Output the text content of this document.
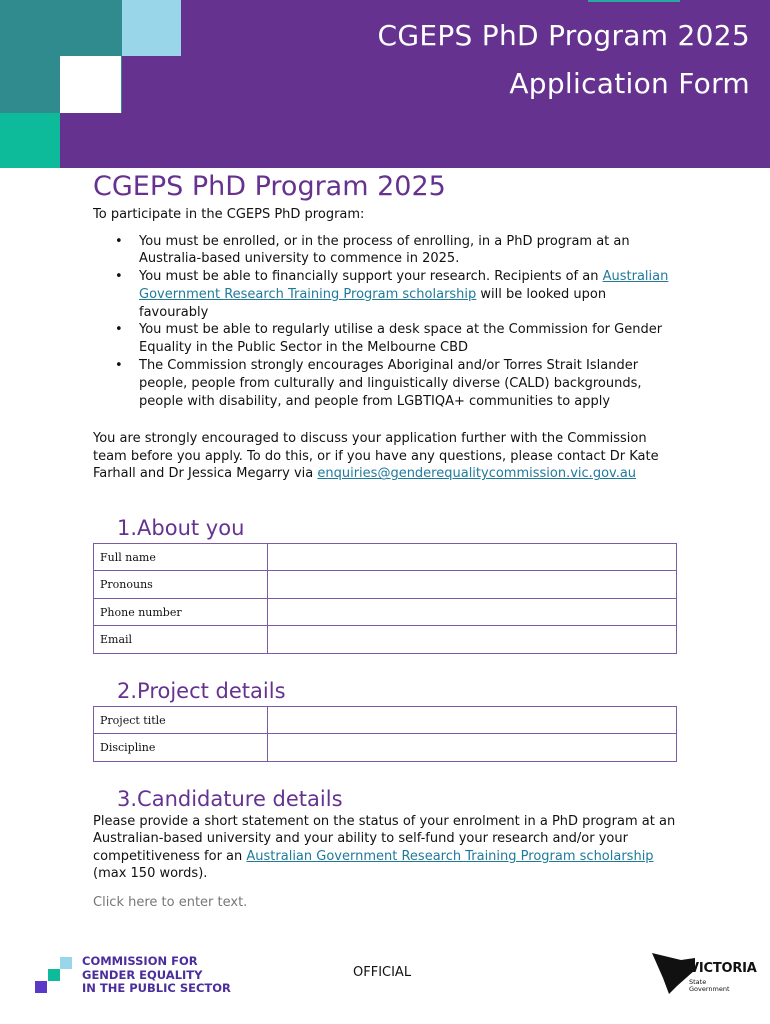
CGEPS PhD Program 2025
Application Form
CGEPS PhD Program 2025

To participate in the CGEPS PhD program:

• You must be enrolled, or in the process of enrolling, in a PhD program at an Australia-based university to commence in 2025.
• You must be able to financially support your research. Recipients of an Australian Government Research Training Program scholarship will be looked upon favourably
• You must be able to regularly utilise a desk space at the Commission for Gender Equality in the Public Sector in the Melbourne CBD
• The Commission strongly encourages Aboriginal and/or Torres Strait Islander people, people from culturally and linguistically diverse (CALD) backgrounds, people with disability, and people from LGBTIQA+ communities to apply

You are strongly encouraged to discuss your application further with the Commission team before you apply. To do this, or if you have any questions, please contact Dr Kate Farhall and Dr Jessica Megarry via enquiries@genderequalitycommission.vic.gov.au

1.About you
Full name	
Pronouns	
Phone number	
Email	
2.Project details
Project title	
Discipline	
3.Candidature details

Please provide a short statement on the status of your enrolment in a PhD program at an Australian-based university and your ability to self-fund your research and/or your competitiveness for an Australian Government Research Training Program scholarship (max 150 words).

Click here to enter text.

COMMISSION FOR
GENDER EQUALITY
IN THE PUBLIC SECTOR
OFFICIAL	VICTORIA
State
Government
